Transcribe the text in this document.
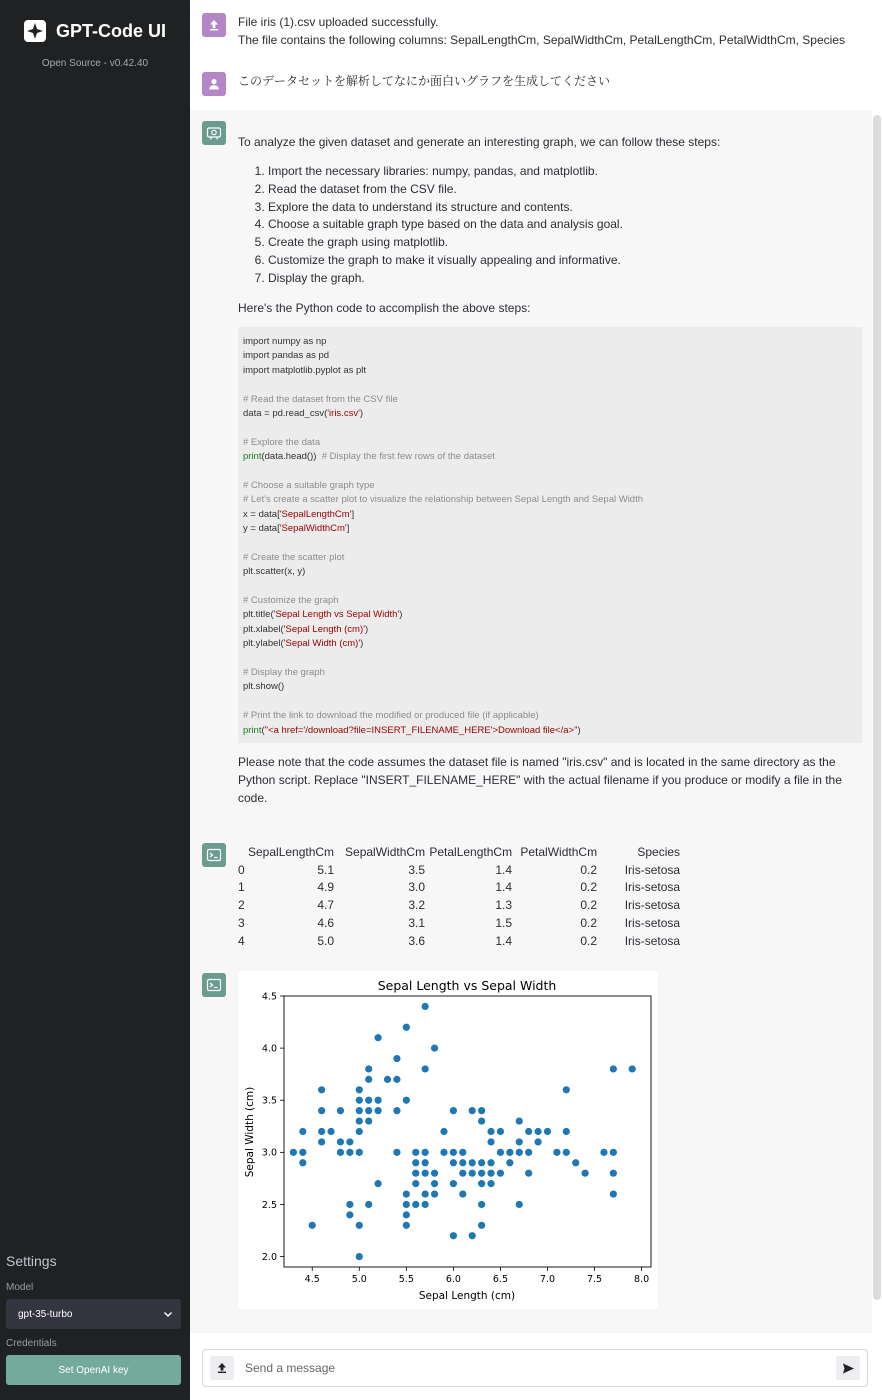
GPT-Code UI
Open Source - v0.42.40
Settings
Model
gpt-35-turbo
Credentials
Set OpenAI key
File iris (1).csv uploaded successfully.
The file contains the following columns: SepalLengthCm, SepalWidthCm, PetalLengthCm, PetalWidthCm, Species
このデータセットを解析してなにか面白いグラフを生成してください
To analyze the given dataset and generate an interesting graph, we can follow these steps:
1. Import the necessary libraries: numpy, pandas, and matplotlib.
2. Read the dataset from the CSV file.
3. Explore the data to understand its structure and contents.
4. Choose a suitable graph type based on the data and analysis goal.
5. Create the graph using matplotlib.
6. Customize the graph to make it visually appealing and informative.
7. Display the graph.
Here's the Python code to accomplish the above steps:
import numpy as np
import pandas as pd
import matplotlib.pyplot as plt
# Read the dataset from the CSV file
data = pd.read_csv('iris.csv')
# Explore the data
print(data.head())  # Display the first few rows of the dataset
# Choose a suitable graph type
# Let's create a scatter plot to visualize the relationship between Sepal Length and Sepal Width
x = data['SepalLengthCm']
y = data['SepalWidthCm']
# Create the scatter plot
plt.scatter(x, y)
# Customize the graph
plt.title('Sepal Length vs Sepal Width')
plt.xlabel('Sepal Length (cm)')
plt.ylabel('Sepal Width (cm)')
# Display the graph
plt.show()
# Print the link to download the modified or produced file (if applicable)
print("<a href='/download?file=INSERT_FILENAME_HERE'>Download file</a>")
Please note that the code assumes the dataset file is named "iris.csv" and is located in the same directory as the Python script. Replace "INSERT_FILENAME_HERE" with the actual filename if you produce or modify a file in the code.
	SepalLengthCm	SepalWidthCm	PetalLengthCm	PetalWidthCm	Species
0	5.1	3.5	1.4	0.2	Iris-setosa
1	4.9	3.0	1.4	0.2	Iris-setosa
2	4.7	3.2	1.3	0.2	Iris-setosa
3	4.6	3.1	1.5	0.2	Iris-setosa
4	5.0	3.6	1.4	0.2	Iris-setosa
Sepal Length vs Sepal Width
4.5	5.0	5.5	6.0	6.5	7.0	7.5	8.0
2.0
2.5
3.0
3.5
4.0
4.5
Sepal Length (cm)
Sepal Width (cm)
Send a message
